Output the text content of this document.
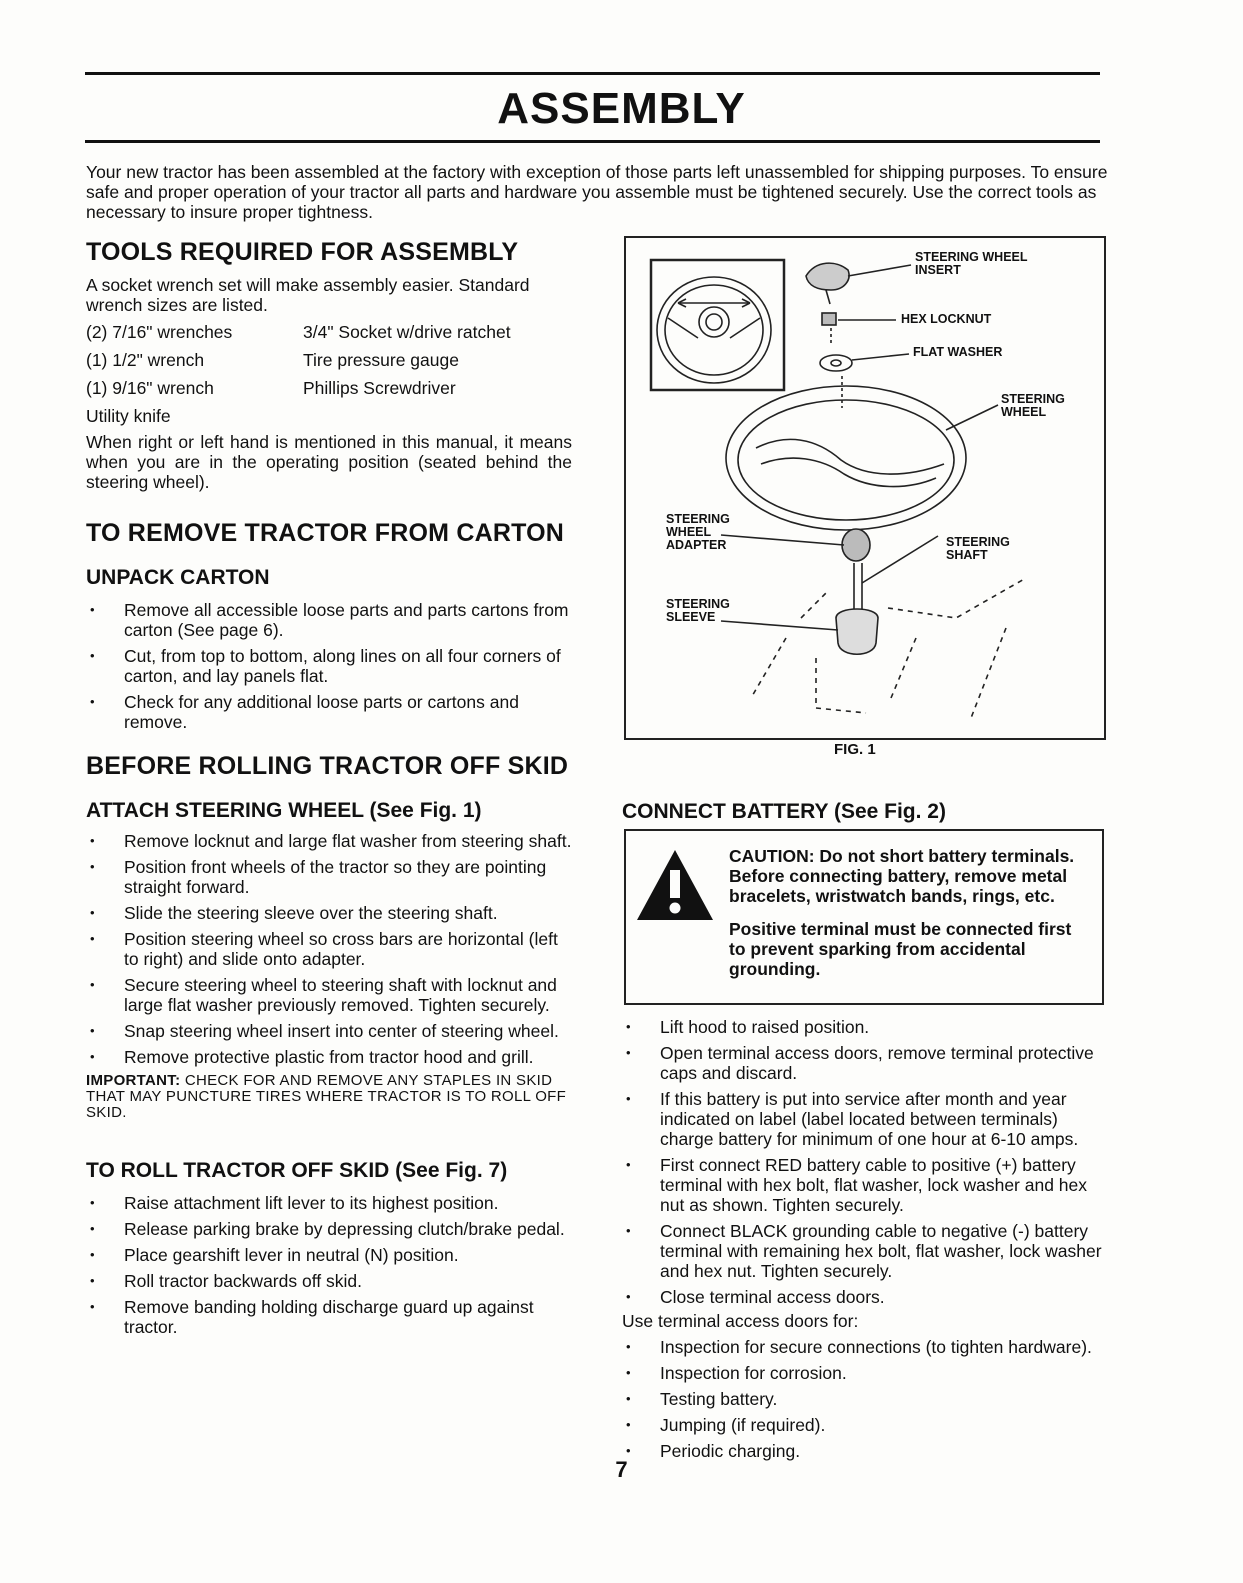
ASSEMBLY

Your new tractor has been assembled at the factory with exception of those parts left unassembled for shipping purposes. To ensure safe and proper operation of your tractor all parts and hardware you assemble must be tightened securely. Use the correct tools as necessary to insure proper tightness.

TOOLS REQUIRED FOR ASSEMBLY

A socket wrench set will make assembly easier. Standard wrench sizes are listed.

(2) 7/16" wrenches	3/4" Socket w/drive ratchet
(1) 1/2" wrench	Tire pressure gauge
(1) 9/16" wrench	Phillips Screwdriver
Utility knife

When right or left hand is mentioned in this manual, it means when you are in the operating position (seated behind the steering wheel).

TO REMOVE TRACTOR FROM CARTON
UNPACK CARTON
• Remove all accessible loose parts and parts cartons from carton (See page 6).
• Cut, from top to bottom, along lines on all four corners of carton, and lay panels flat.
• Check for any additional loose parts or cartons and remove.
BEFORE ROLLING TRACTOR OFF SKID
ATTACH STEERING WHEEL (See Fig. 1)
• Remove locknut and large flat washer from steering shaft.
• Position front wheels of the tractor so they are pointing straight forward.
• Slide the steering sleeve over the steering shaft.
• Position steering wheel so cross bars are horizontal (left to right) and slide onto adapter.
• Secure steering wheel to steering shaft with locknut and large flat washer previously removed. Tighten securely.
• Snap steering wheel insert into center of steering wheel.
• Remove protective plastic from tractor hood and grill.

IMPORTANT: CHECK FOR AND REMOVE ANY STAPLES IN SKID THAT MAY PUNCTURE TIRES WHERE TRACTOR IS TO ROLL OFF SKID.

TO ROLL TRACTOR OFF SKID (See Fig. 7)
• Raise attachment lift lever to its highest position.
• Release parking brake by depressing clutch/brake pedal.
• Place gearshift lever in neutral (N) position.
• Roll tractor backwards off skid.
• Remove banding holding discharge guard up against tractor.
STEERING WHEEL INSERT
HEX LOCKNUT
FLAT WASHER
STEERING WHEEL
STEERING WHEEL ADAPTER	STEERING SHAFT
STEERING SLEEVE
FIG. 1
CONNECT BATTERY (See Fig. 2)

CAUTION: Do not short battery terminals. Before connecting battery, remove metal bracelets, wristwatch bands, rings, etc.

Positive terminal must be connected first to prevent sparking from accidental grounding.

• Lift hood to raised position.
• Open terminal access doors, remove terminal protective caps and discard.
• If this battery is put into service after month and year indicated on label (label located between terminals) charge battery for minimum of one hour at 6-10 amps.
• First connect RED battery cable to positive (+) battery terminal with hex bolt, flat washer, lock washer and hex nut as shown. Tighten securely.
• Connect BLACK grounding cable to negative (-) battery terminal with remaining hex bolt, flat washer, lock washer and hex nut. Tighten securely.
• Close terminal access doors.

Use terminal access doors for:

• Inspection for secure connections (to tighten hardware).
• Inspection for corrosion.
• Testing battery.
• Jumping (if required).
• Periodic charging.
7
